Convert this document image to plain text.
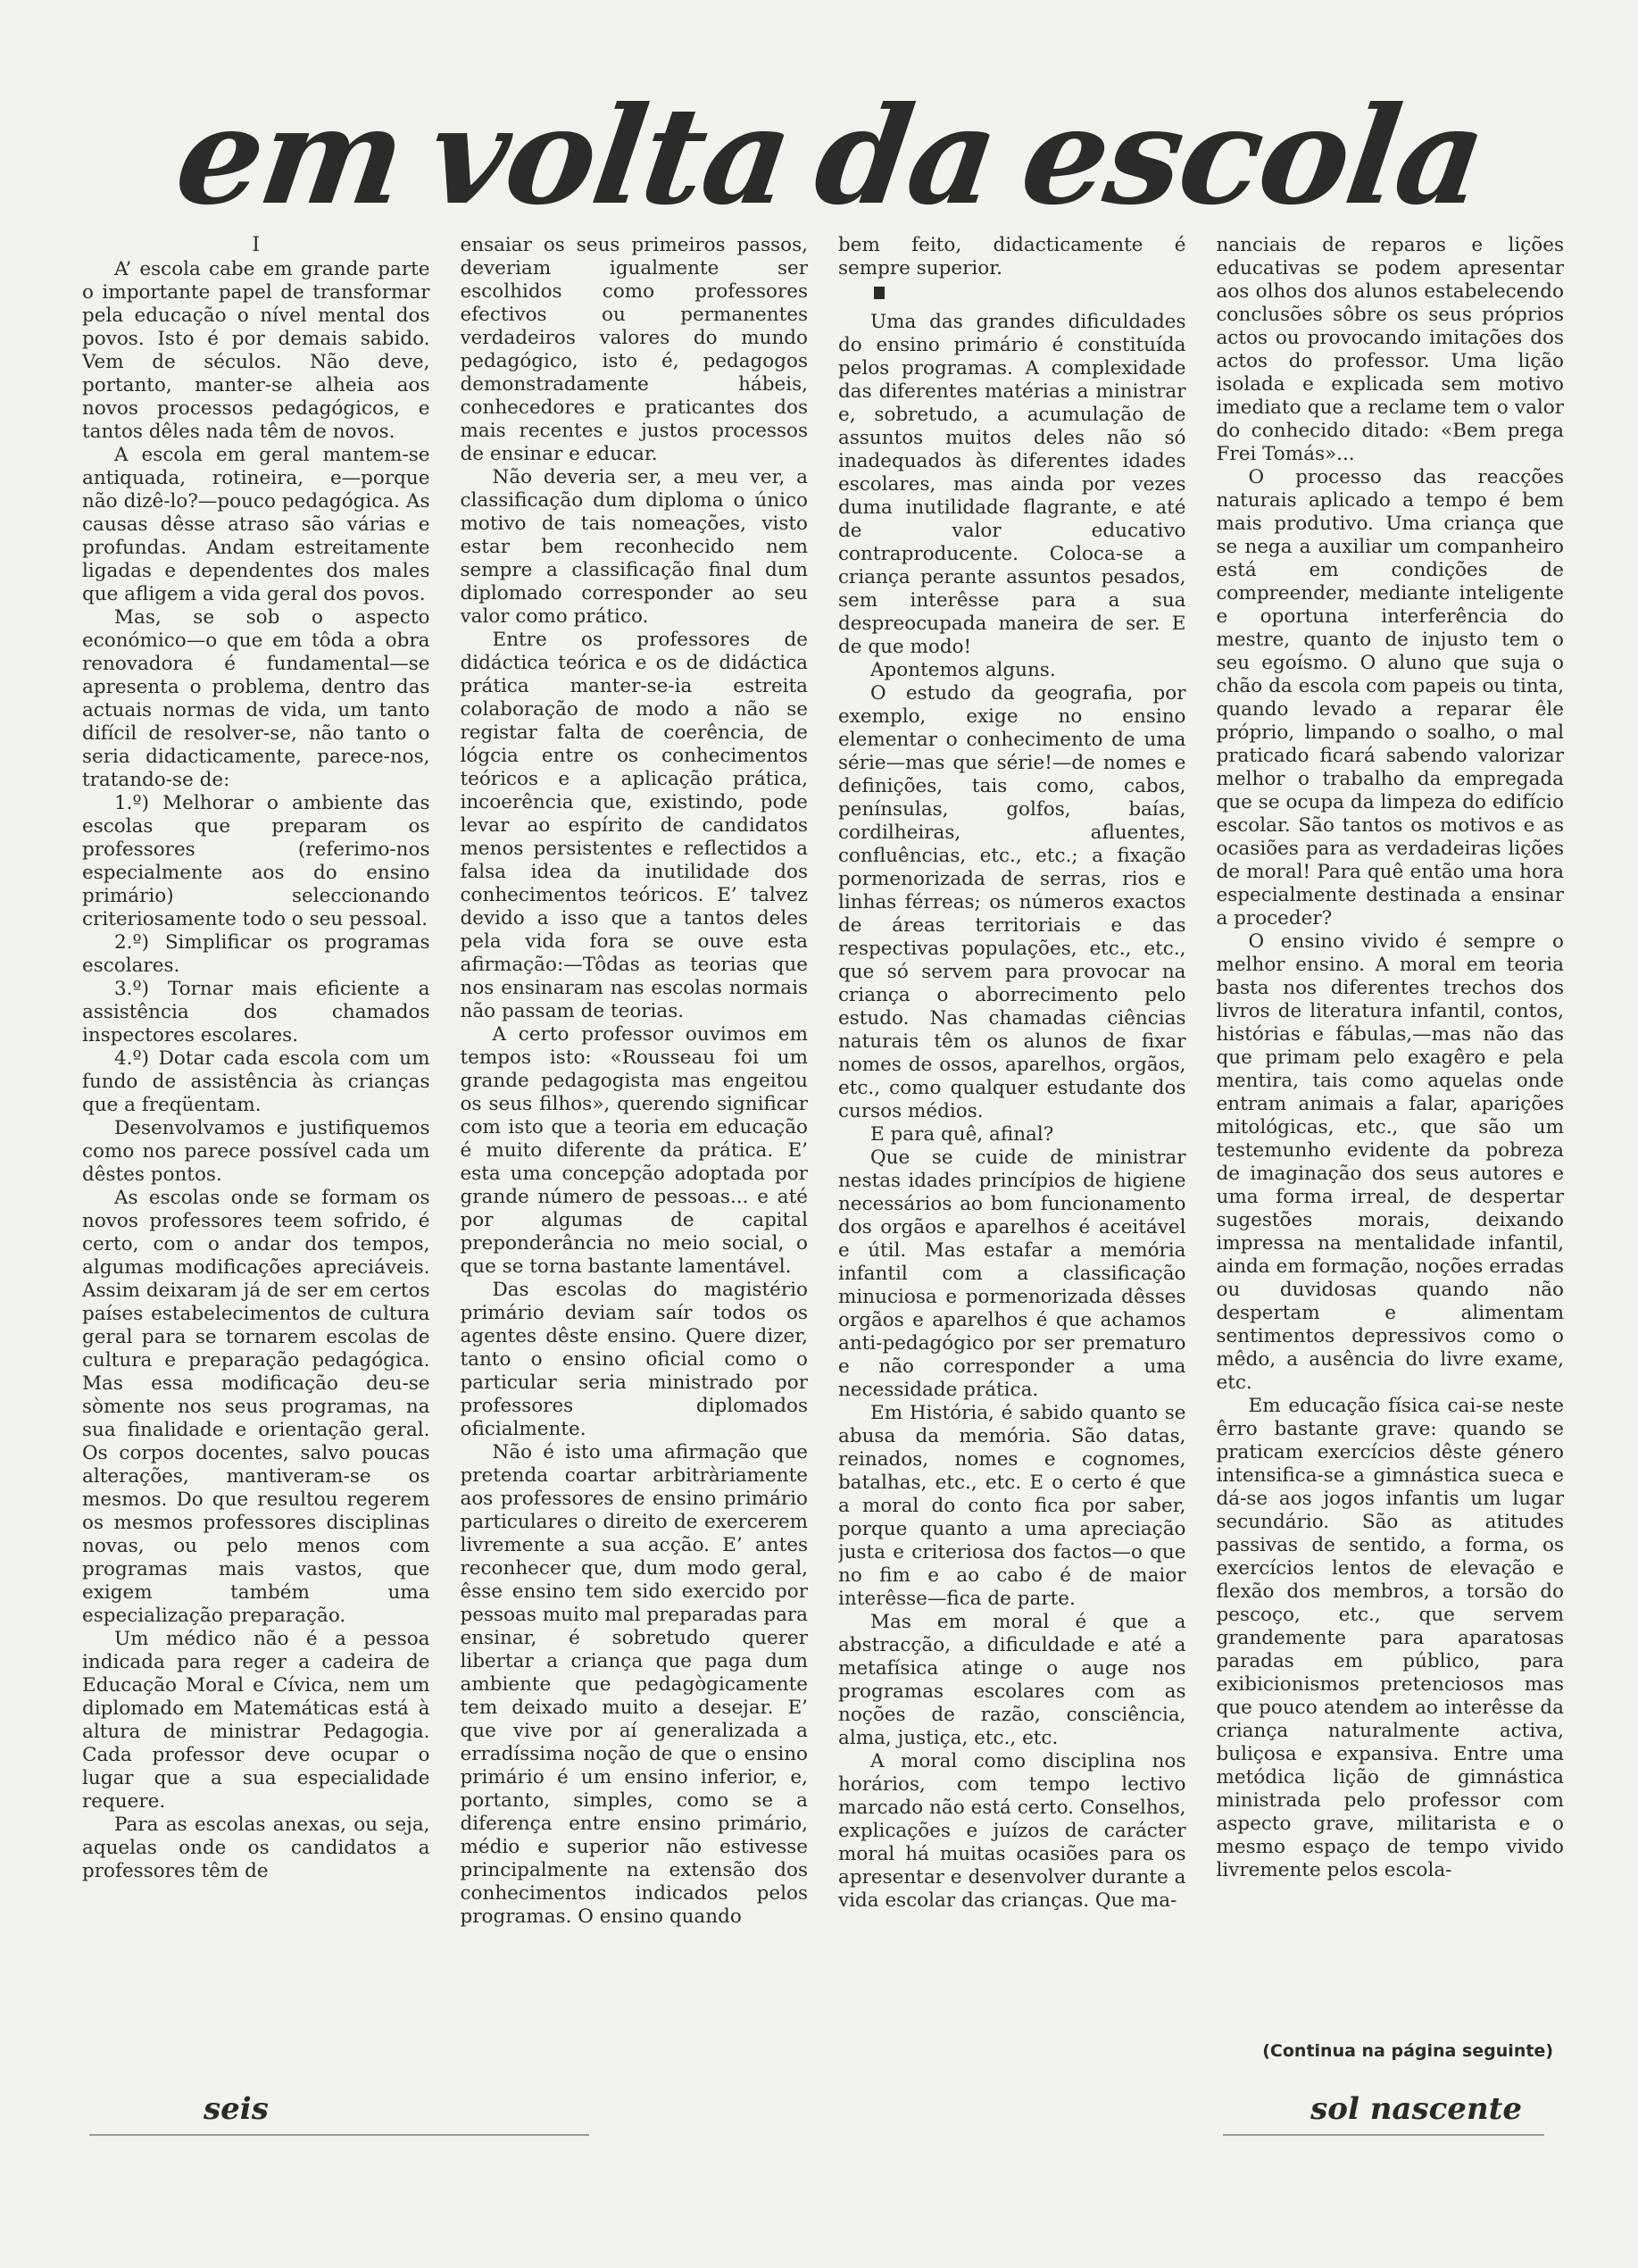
em volta da escola

I

A’ escola cabe em grande parte o importante papel de transformar pela educação o nível mental dos povos. Isto é por demais sabido. Vem de séculos. Não deve, portanto, manter-se alheia aos novos processos pedagógicos, e tantos dêles nada têm de novos.

A escola em geral mantem-se antiquada, rotineira, e—porque não dizê-lo?—pouco pedagógica. As causas dêsse atraso são várias e profundas. Andam estreitamente ligadas e dependentes dos males que afligem a vida geral dos povos.

Mas, se sob o aspecto económico—o que em tôda a obra renovadora é fundamental—se apresenta o problema, dentro das actuais normas de vida, um tanto difícil de resolver-se, não tanto o seria didacticamente, parece-nos, tratando-se de:

1.º) Melhorar o ambiente das escolas que preparam os professores (referimo-nos especialmente aos do ensino primário) seleccionando criteriosamente todo o seu pessoal.

2.º) Simplificar os programas escolares.

3.º) Tornar mais eficiente a assistência dos chamados inspectores escolares.

4.º) Dotar cada escola com um fundo de assistência às crianças que a freqüentam.

Desenvolvamos e justifiquemos como nos parece possível cada um dêstes pontos.

As escolas onde se formam os novos professores teem sofrido, é certo, com o andar dos tempos, algumas modificações apreciáveis. Assim deixaram já de ser em certos países estabelecimentos de cultura geral para se tornarem escolas de cultura e preparação pedagógica. Mas essa modificação deu-se sòmente nos seus programas, na sua finalidade e orientação geral. Os corpos docentes, salvo poucas alterações, mantiveram-se os mesmos. Do que resultou regerem os mesmos professores disciplinas novas, ou pelo menos com programas mais vastos, que exigem também uma especialização preparação.

Um médico não é a pessoa indicada para reger a cadeira de Educação Moral e Cívica, nem um diplomado em Matemáticas está à altura de ministrar Pedagogia. Cada professor deve ocupar o lugar que a sua especialidade requere.

Para as escolas anexas, ou seja, aquelas onde os candidatos a professores têm de

ensaiar os seus primeiros passos, deveriam igualmente ser escolhidos como professores efectivos ou permanentes verdadeiros valores do mundo pedagógico, isto é, pedagogos demonstradamente hábeis, conhecedores e praticantes dos mais recentes e justos processos de ensinar e educar.

Não deveria ser, a meu ver, a classificação dum diploma o único motivo de tais nomeações, visto estar bem reconhecido nem sempre a classificação final dum diplomado corresponder ao seu valor como prático.

Entre os professores de didáctica teórica e os de didáctica prática manter-se-ia estreita colaboração de modo a não se registar falta de coerência, de lógcia entre os conhecimentos teóricos e a aplicação prática, incoerência que, existindo, pode levar ao espírito de candidatos menos persistentes e reflectidos a falsa idea da inutilidade dos conhecimentos teóricos. E’ talvez devido a isso que a tantos deles pela vida fora se ouve esta afirmação:—Tôdas as teorias que nos ensinaram nas escolas normais não passam de teorias.

A certo professor ouvimos em tempos isto: «Rousseau foi um grande pedagogista mas engeitou os seus filhos», querendo significar com isto que a teoria em educação é muito diferente da prática. E’ esta uma concepção adoptada por grande número de pessoas... e até por algumas de capital preponderância no meio social, o que se torna bastante lamentável.

Das escolas do magistério primário deviam saír todos os agentes dêste ensino. Quere dizer, tanto o ensino oficial como o particular seria ministrado por professores diplomados oficialmente.

Não é isto uma afirmação que pretenda coartar arbitràriamente aos professores de ensino primário particulares o direito de exercerem livremente a sua acção. E’ antes reconhecer que, dum modo geral, êsse ensino tem sido exercido por pessoas muito mal preparadas para ensinar, é sobretudo querer libertar a criança que paga dum ambiente que pedagògicamente tem deixado muito a desejar. E’ que vive por aí generalizada a erradíssima noção de que o ensino primário é um ensino inferior, e, portanto, simples, como se a diferença entre ensino primário, médio e superior não estivesse principalmente na extensão dos conhecimentos indicados pelos programas. O ensino quando

bem feito, didacticamente é sempre superior.

Uma das grandes dificuldades do ensino primário é constituída pelos programas. A complexidade das diferentes matérias a ministrar e, sobretudo, a acumulação de assuntos muitos deles não só inadequados às diferentes idades escolares, mas ainda por vezes duma inutilidade flagrante, e até de valor educativo contraproducente. Coloca-se a criança perante assuntos pesados, sem interêsse para a sua despreocupada maneira de ser. E de que modo!

Apontemos alguns.

O estudo da geografia, por exemplo, exige no ensino elementar o conhecimento de uma série—mas que série!—de nomes e definições, tais como, cabos, penínsulas, golfos, baías, cordilheiras, afluentes, confluências, etc., etc.; a fixação pormenorizada de serras, rios e linhas férreas; os números exactos de áreas territoriais e das respectivas populações, etc., etc., que só servem para provocar na criança o aborrecimento pelo estudo. Nas chamadas ciências naturais têm os alunos de fixar nomes de ossos, aparelhos, orgãos, etc., como qualquer estudante dos cursos médios.

E para quê, afinal?

Que se cuide de ministrar nestas idades princípios de higiene necessários ao bom funcionamento dos orgãos e aparelhos é aceitável e útil. Mas estafar a memória infantil com a classificação minuciosa e pormenorizada dêsses orgãos e aparelhos é que achamos anti-pedagógico por ser prematuro e não corresponder a uma necessidade prática.

Em História, é sabido quanto se abusa da memória. São datas, reinados, nomes e cognomes, batalhas, etc., etc. E o certo é que a moral do conto fica por saber, porque quanto a uma apreciação justa e criteriosa dos factos—o que no fim e ao cabo é de maior interêsse—fica de parte.

Mas em moral é que a abstracção, a dificuldade e até a metafísica atinge o auge nos programas escolares com as noções de razão, consciência, alma, justiça, etc., etc.

A moral como disciplina nos horários, com tempo lectivo marcado não está certo. Conselhos, explicações e juízos de carácter moral há muitas ocasiões para os apresentar e desenvolver durante a vida escolar das crianças. Que ma-

nanciais de reparos e lições educativas se podem apresentar aos olhos dos alunos estabelecendo conclusões sôbre os seus próprios actos ou provocando imitações dos actos do professor. Uma lição isolada e explicada sem motivo imediato que a reclame tem o valor do conhecido ditado: «Bem prega Frei Tomás»...

O processo das reacções naturais aplicado a tempo é bem mais produtivo. Uma criança que se nega a auxiliar um companheiro está em condições de compreender, mediante inteligente e oportuna interferência do mestre, quanto de injusto tem o seu egoísmo. O aluno que suja o chão da escola com papeis ou tinta, quando levado a reparar êle próprio, limpando o soalho, o mal praticado ficará sabendo valorizar melhor o trabalho da empregada que se ocupa da limpeza do edifício escolar. São tantos os motivos e as ocasiões para as verdadeiras lições de moral! Para quê então uma hora especialmente destinada a ensinar a proceder?

O ensino vivido é sempre o melhor ensino. A moral em teoria basta nos diferentes trechos dos livros de literatura infantil, contos, histórias e fábulas,—mas não das que primam pelo exagêro e pela mentira, tais como aquelas onde entram animais a falar, aparições mitológicas, etc., que são um testemunho evidente da pobreza de imaginação dos seus autores e uma forma irreal, de despertar sugestões morais, deixando impressa na mentalidade infantil, ainda em formação, noções erradas ou duvidosas quando não despertam e alimentam sentimentos depressivos como o mêdo, a ausência do livre exame, etc.

Em educação física cai-se neste êrro bastante grave: quando se praticam exercícios dêste género intensifica-se a gimnástica sueca e dá-se aos jogos infantis um lugar secundário. São as atitudes passivas de sentido, a forma, os exercícios lentos de elevação e flexão dos membros, a torsão do pescoço, etc., que servem grandemente para aparatosas paradas em público, para exibicionismos pretenciosos mas que pouco atendem ao interêsse da criança naturalmente activa, buliçosa e expansiva. Entre uma metódica lição de gimnástica ministrada pelo professor com aspecto grave, militarista e o mesmo espaço de tempo vivido livremente pelos escola-

(Continua na página seguinte)
seis	sol nascente
